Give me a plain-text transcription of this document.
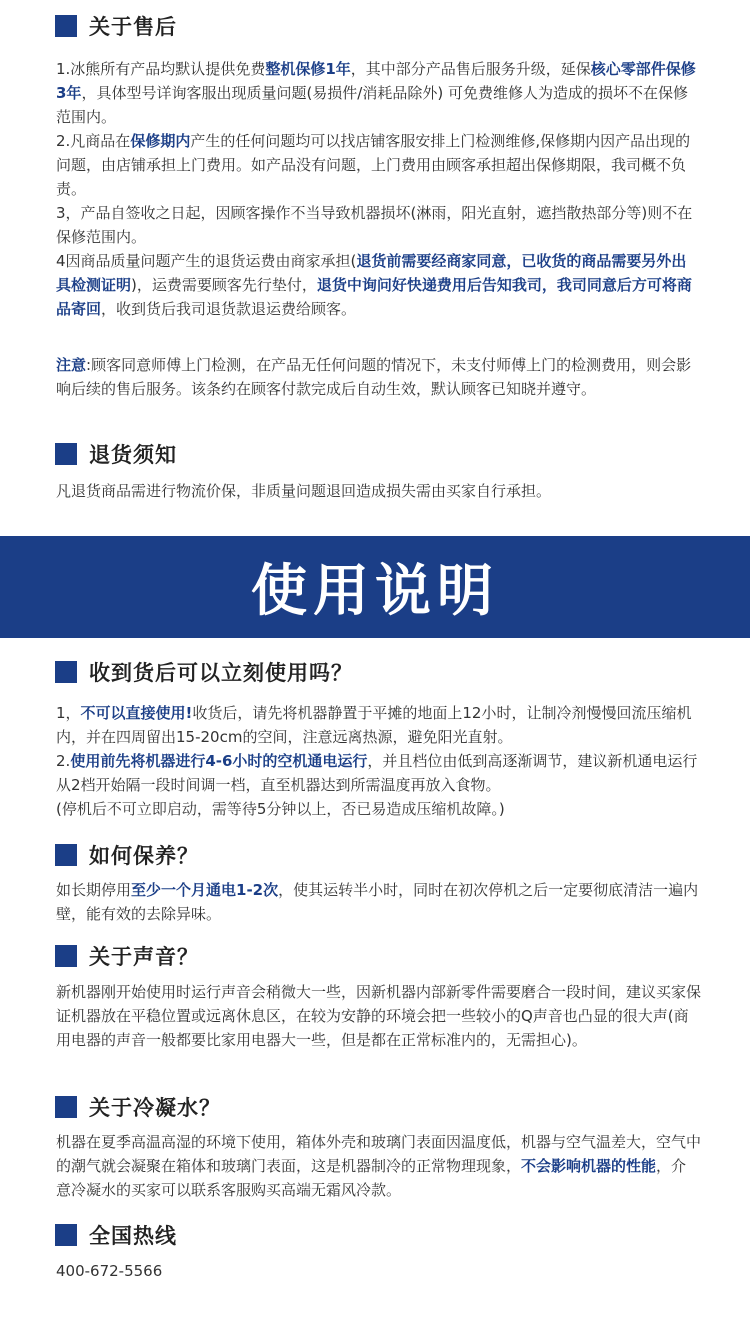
关于售后
1.冰熊所有产品均默认提供免费整机保修1年，其中部分产品售后服务升级，延保核心零部件保修3年，具体型号详询客服出现质量问题(易损件/消耗品除外) 可免费维修人为造成的损坏不在保修范围内。
2.凡商品在保修期内产生的任何问题均可以找店铺客服安排上门检测维修,保修期内因产品出现的问题，由店铺承担上门费用。如产品没有问题，上门费用由顾客承担超出保修期限，我司概不负责。
3，产品自签收之日起，因顾客操作不当导致机器损坏(淋雨，阳光直射，遮挡散热部分等)则不在保修范围内。
4因商品质量问题产生的退货运费由商家承担(退货前需要经商家同意，已收货的商品需要另外出具检测证明)，运费需要顾客先行垫付，退货中询问好快递费用后告知我司，我司同意后方可将商品寄回，收到货后我司退货款退运费给顾客。
注意:顾客同意师傅上门检测，在产品无任何问题的情况下，未支付师傅上门的检测费用，则会影响后续的售后服务。该条约在顾客付款完成后自动生效，默认顾客已知晓并遵守。
退货须知
凡退货商品需进行物流价保，非质量问题退回造成损失需由买家自行承担。
使用说明
收到货后可以立刻使用吗？
1，不可以直接使用!收货后，请先将机器静置于平摊的地面上12小时，让制冷剂慢慢回流压缩机内，并在四周留出15-20cm的空间，注意远离热源，避免阳光直射。
2.使用前先将机器进行4-6小时的空机通电运行，并且档位由低到高逐渐调节，建议新机通电运行从2档开始隔一段时间调一档，直至机器达到所需温度再放入食物。
(停机后不可立即启动，需等待5分钟以上，否已易造成压缩机故障。)
如何保养？
如长期停用至少一个月通电1-2次，使其运转半小时，同时在初次停机之后一定要彻底清洁一遍内壁，能有效的去除异味。
关于声音？
新机器刚开始使用时运行声音会稍微大一些，因新机器内部新零件需要磨合一段时间，建议买家保证机器放在平稳位置或远离休息区，在较为安静的环境会把一些较小的Q声音也凸显的很大声(商用电器的声音一般都要比家用电器大一些，但是都在正常标准内的，无需担心)。
关于冷凝水？
机器在夏季高温高湿的环境下使用，箱体外壳和玻璃门表面因温度低，机器与空气温差大，空气中的潮气就会凝聚在箱体和玻璃门表面，这是机器制冷的正常物理现象，不会影响机器的性能，介意冷凝水的买家可以联系客服购买高端无霜风冷款。
全国热线
400-672-5566
